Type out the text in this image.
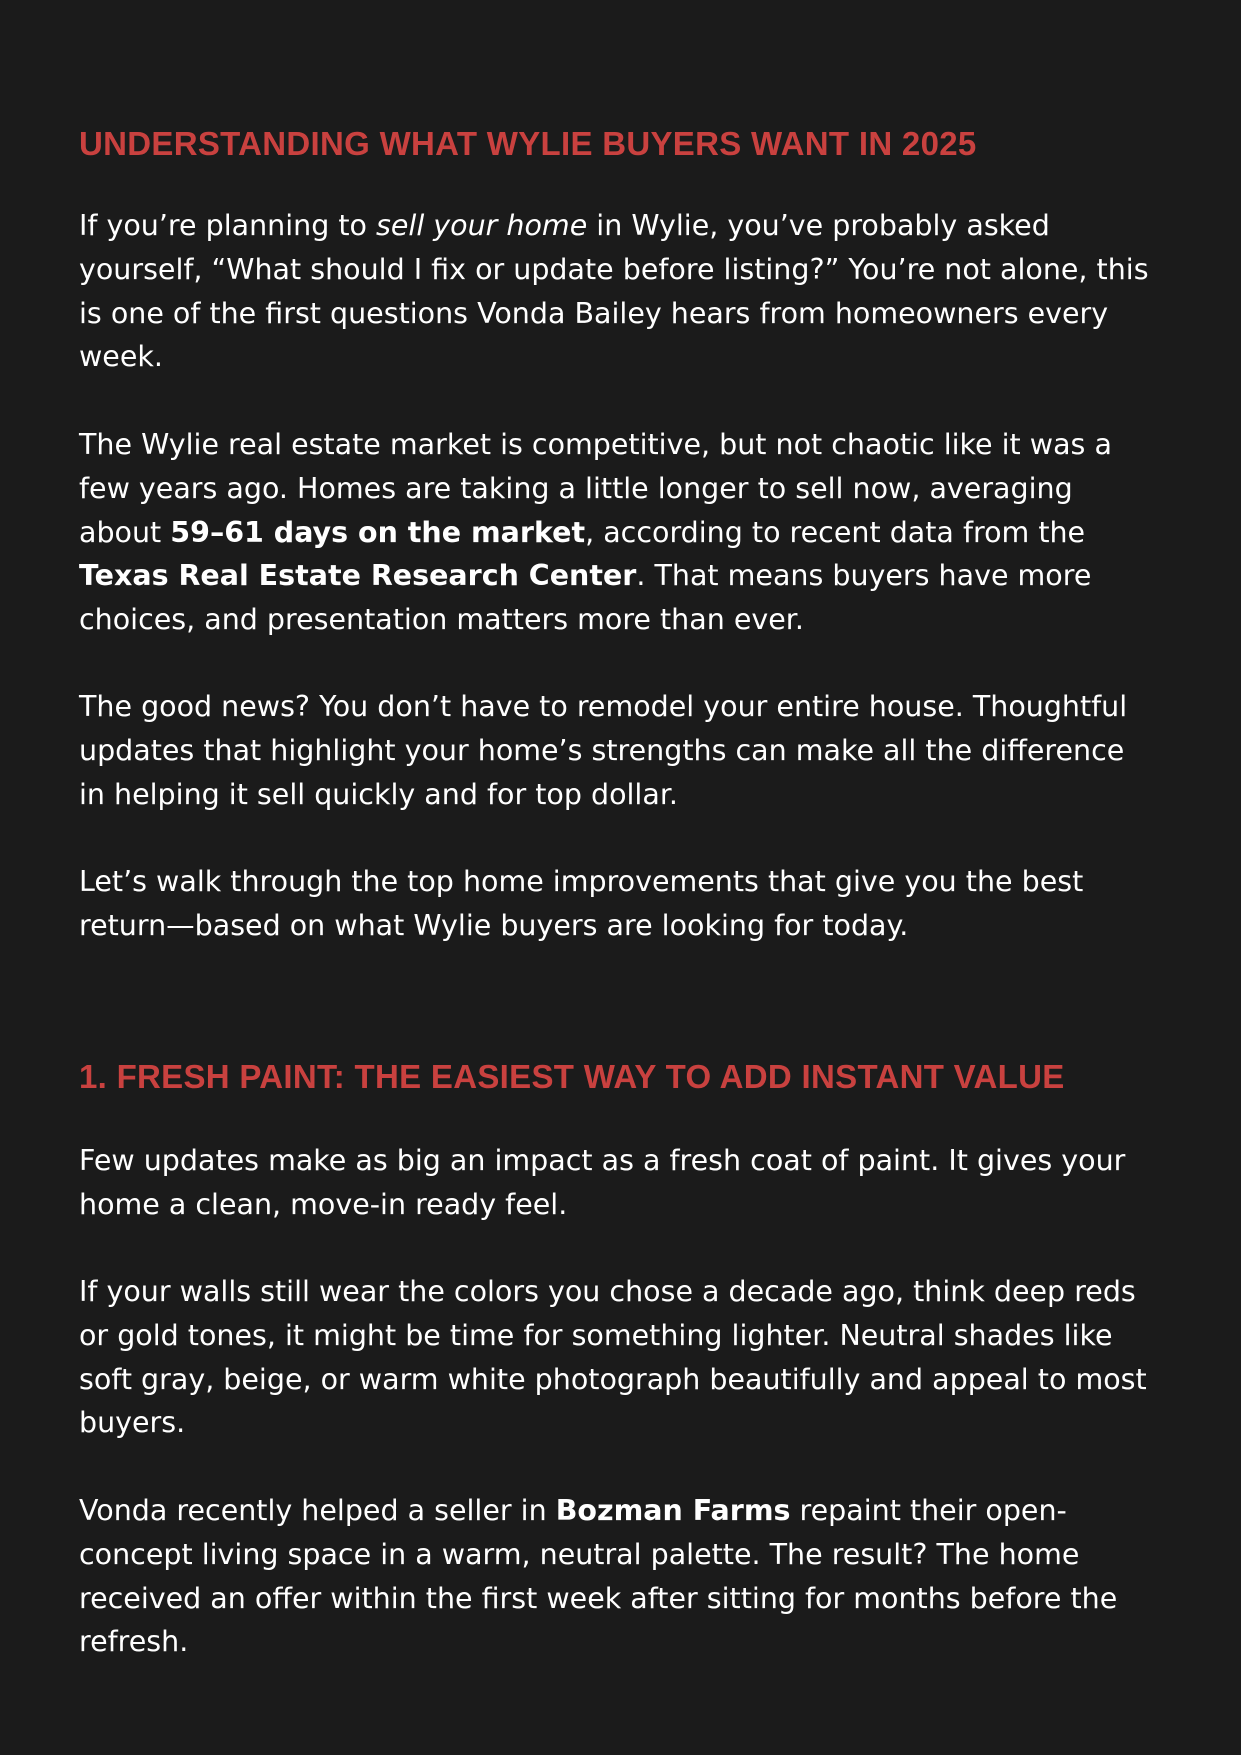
UNDERSTANDING WHAT WYLIE BUYERS WANT IN 2025

If you’re planning to sell your home in Wylie, you’ve probably asked
yourself, “What should I fix or update before listing?” You’re not alone, this
is one of the first questions Vonda Bailey hears from homeowners every
week.

The Wylie real estate market is competitive, but not chaotic like it was a
few years ago. Homes are taking a little longer to sell now, averaging
about 59–61 days on the market, according to recent data from the
Texas Real Estate Research Center. That means buyers have more
choices, and presentation matters more than ever.

The good news? You don’t have to remodel your entire house. Thoughtful
updates that highlight your home’s strengths can make all the difference
in helping it sell quickly and for top dollar.

Let’s walk through the top home improvements that give you the best
return—based on what Wylie buyers are looking for today.

1. FRESH PAINT: THE EASIEST WAY TO ADD INSTANT VALUE

Few updates make as big an impact as a fresh coat of paint. It gives your
home a clean, move-in ready feel.

If your walls still wear the colors you chose a decade ago, think deep reds
or gold tones, it might be time for something lighter. Neutral shades like
soft gray, beige, or warm white photograph beautifully and appeal to most
buyers.

Vonda recently helped a seller in Bozman Farms repaint their open-
concept living space in a warm, neutral palette. The result? The home
received an offer within the first week after sitting for months before the
refresh.
